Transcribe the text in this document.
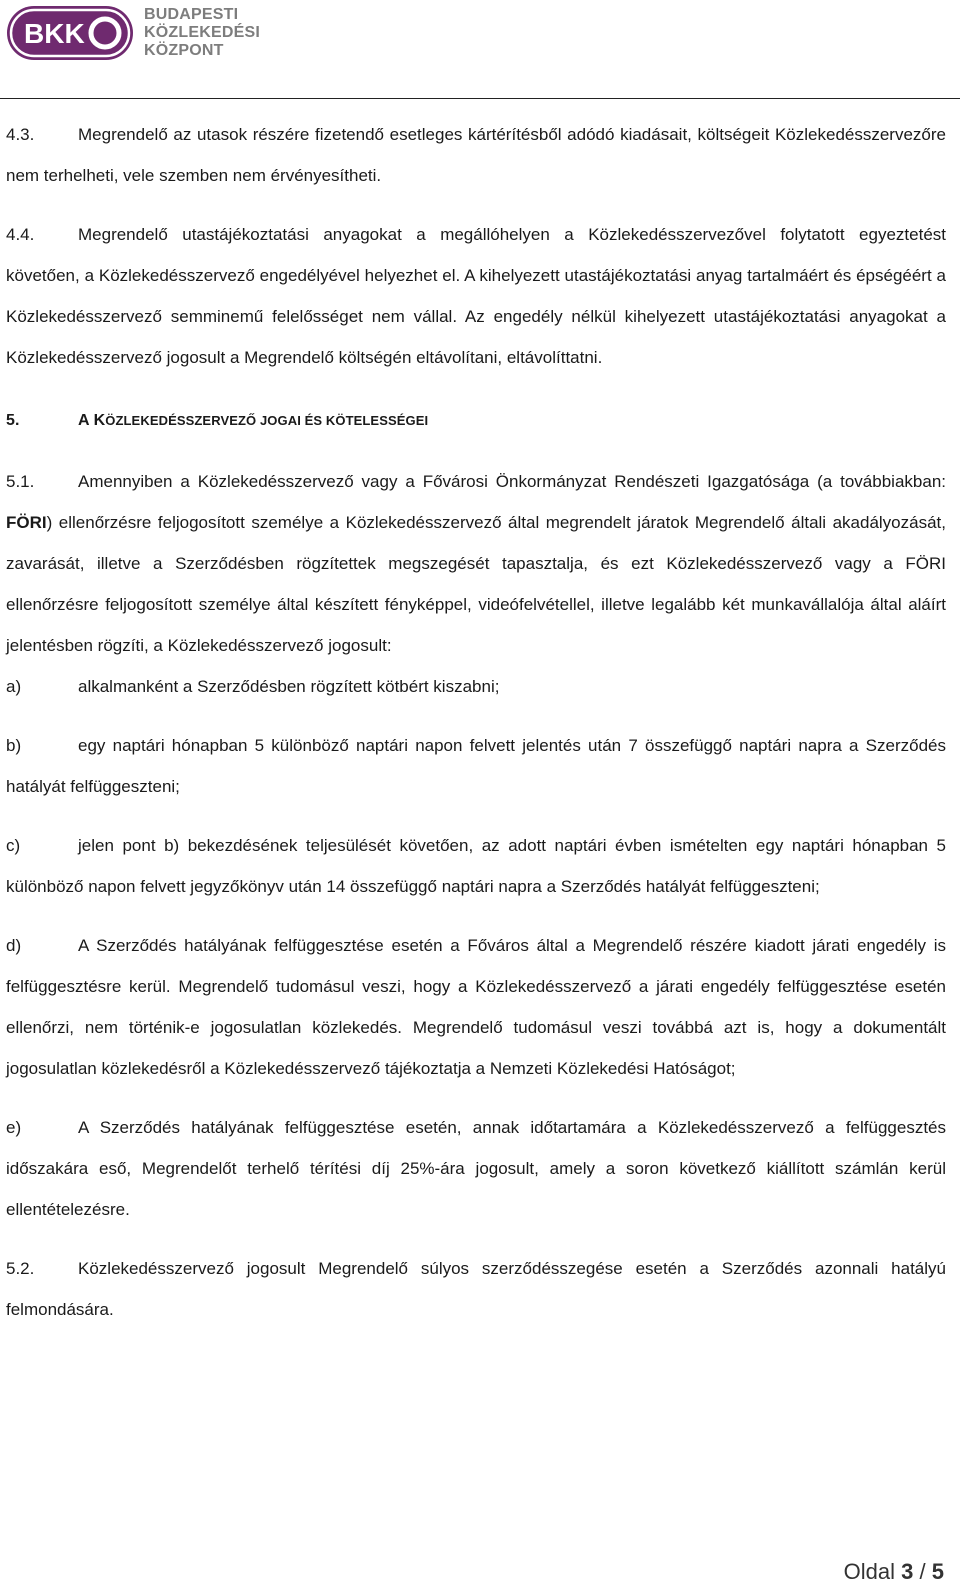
BKK
BUDAPESTI
KÖZLEKEDÉSI
KÖZPONT

4.3.	Megrendelő az utasok részére fizetendő esetleges kártérítésből adódó kiadásait, költségeit Közlekedésszervezőre nem terhelheti, vele szemben nem érvényesítheti.

4.4.	Megrendelő utastájékoztatási anyagokat a megállóhelyen a Közlekedésszervezővel folytatott egyeztetést követően, a Közlekedésszervező engedélyével helyezhet el. A kihelyezett utastájékoztatási anyag tartalmáért és épségéért a Közlekedésszervező semminemű felelősséget nem vállal. Az engedély nélkül kihelyezett utastájékoztatási anyagokat a Közlekedésszervező jogosult a Megrendelő költségén eltávolítani, eltávolíttatni.

5.	A KÖZLEKEDÉSSZERVEZŐ JOGAI ÉS KÖTELESSÉGEI

5.1.	Amennyiben a Közlekedésszervező vagy a Fővárosi Önkormányzat Rendészeti Igazgatósága (a továbbiakban: FÖRI) ellenőrzésre feljogosított személye a Közlekedésszervező által megrendelt járatok Megrendelő általi akadályozását, zavarását, illetve a Szerződésben rögzítettek megszegését tapasztalja, és ezt Közlekedésszervező vagy a FÖRI ellenőrzésre feljogosított személye által készített fényképpel, videófelvétellel, illetve legalább két munkavállalója által aláírt jelentésben rögzíti, a Közlekedésszervező jogosult:

a)	alkalmanként a Szerződésben rögzített kötbért kiszabni;

b)	egy naptári hónapban 5 különböző naptári napon felvett jelentés után 7 összefüggő naptári napra a Szerződés hatályát felfüggeszteni;

c)	jelen pont b) bekezdésének teljesülését követően, az adott naptári évben ismételten egy naptári hónapban 5 különböző napon felvett jegyzőkönyv után 14 összefüggő naptári napra a Szerződés hatályát felfüggeszteni;

d)	A Szerződés hatályának felfüggesztése esetén a Főváros által a Megrendelő részére kiadott járati engedély is felfüggesztésre kerül. Megrendelő tudomásul veszi, hogy a Közlekedésszervező a járati engedély felfüggesztése esetén ellenőrzi, nem történik-e jogosulatlan közlekedés. Megrendelő tudomásul veszi továbbá azt is, hogy a dokumentált jogosulatlan közlekedésről a Közlekedésszervező tájékoztatja a Nemzeti Közlekedési Hatóságot;

e)	A Szerződés hatályának felfüggesztése esetén, annak időtartamára a Közlekedésszervező a felfüggesztés időszakára eső, Megrendelőt terhelő térítési díj 25%-ára jogosult, amely a soron következő kiállított számlán kerül ellentételezésre.

5.2.	Közlekedésszervező jogosult Megrendelő súlyos szerződésszegése esetén a Szerződés azonnali hatályú felmondására.

Oldal 3 / 5
